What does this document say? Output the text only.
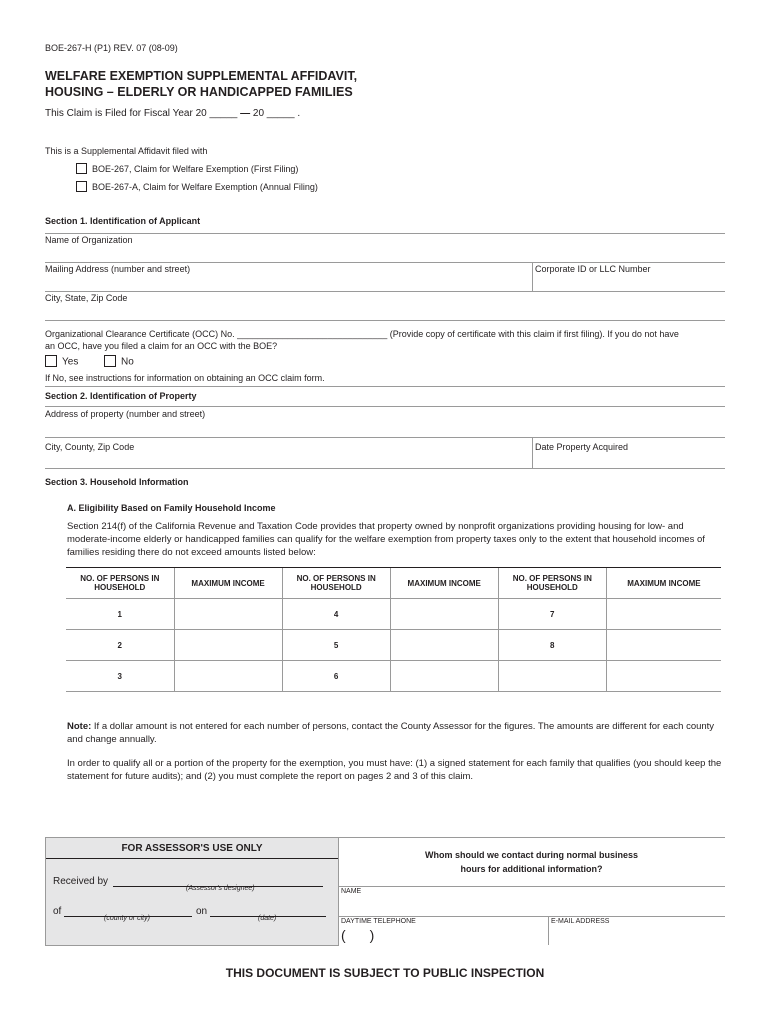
BOE-267-H (P1) REV. 07 (08-09)
WELFARE EXEMPTION SUPPLEMENTAL AFFIDAVIT,
HOUSING – ELDERLY OR HANDICAPPED FAMILIES
This Claim is Filed for Fiscal Year 20 _____ — 20 _____ .
This is a Supplemental Affidavit filed with
BOE-267, Claim for Welfare Exemption (First Filing)
BOE-267-A, Claim for Welfare Exemption (Annual Filing)
Section 1. Identification of Applicant
Name of Organization
Mailing Address (number and street)	Corporate ID or LLC Number
City, State, Zip Code
Organizational Clearance Certificate (OCC) No. ______________________________ (Provide copy of certificate with this claim if first filing). If you do not have
an OCC, have you filed a claim for an OCC with the BOE?
Yes	No
If No, see instructions for information on obtaining an OCC claim form.
Section 2. Identification of Property
Address of property (number and street)
City, County, Zip Code	Date Property Acquired
Section 3. Household Information
A. Eligibility Based on Family Household Income
Section 214(f) of the California Revenue and Taxation Code provides that property owned by nonprofit organizations providing housing for low- and moderate-income elderly or handicapped families can qualify for the welfare exemption from property taxes only to the extent that household incomes of families residing there do not exceed amounts listed below:
NO. OF PERSONS IN HOUSEHOLD	MAXIMUM INCOME	NO. OF PERSONS IN HOUSEHOLD	MAXIMUM INCOME	NO. OF PERSONS IN HOUSEHOLD	MAXIMUM INCOME
1		4		7	
2		5		8	
3		6			
Note: If a dollar amount is not entered for each number of persons, contact the County Assessor for the figures. The amounts are different for each county and change annually.
In order to qualify all or a portion of the property for the exemption, you must have: (1) a signed statement for each family that qualifies (you should keep the statement for future audits); and (2) you must complete the report on pages 2 and 3 of this claim.
FOR ASSESSOR'S USE ONLY
Received by
(Assessor's designee)
of
(county or city)
on
(date)
Whom should we contact during normal business
hours for additional information?
NAME
DAYTIME TELEPHONE
( )
E-MAIL ADDRESS
THIS DOCUMENT IS SUBJECT TO PUBLIC INSPECTION
